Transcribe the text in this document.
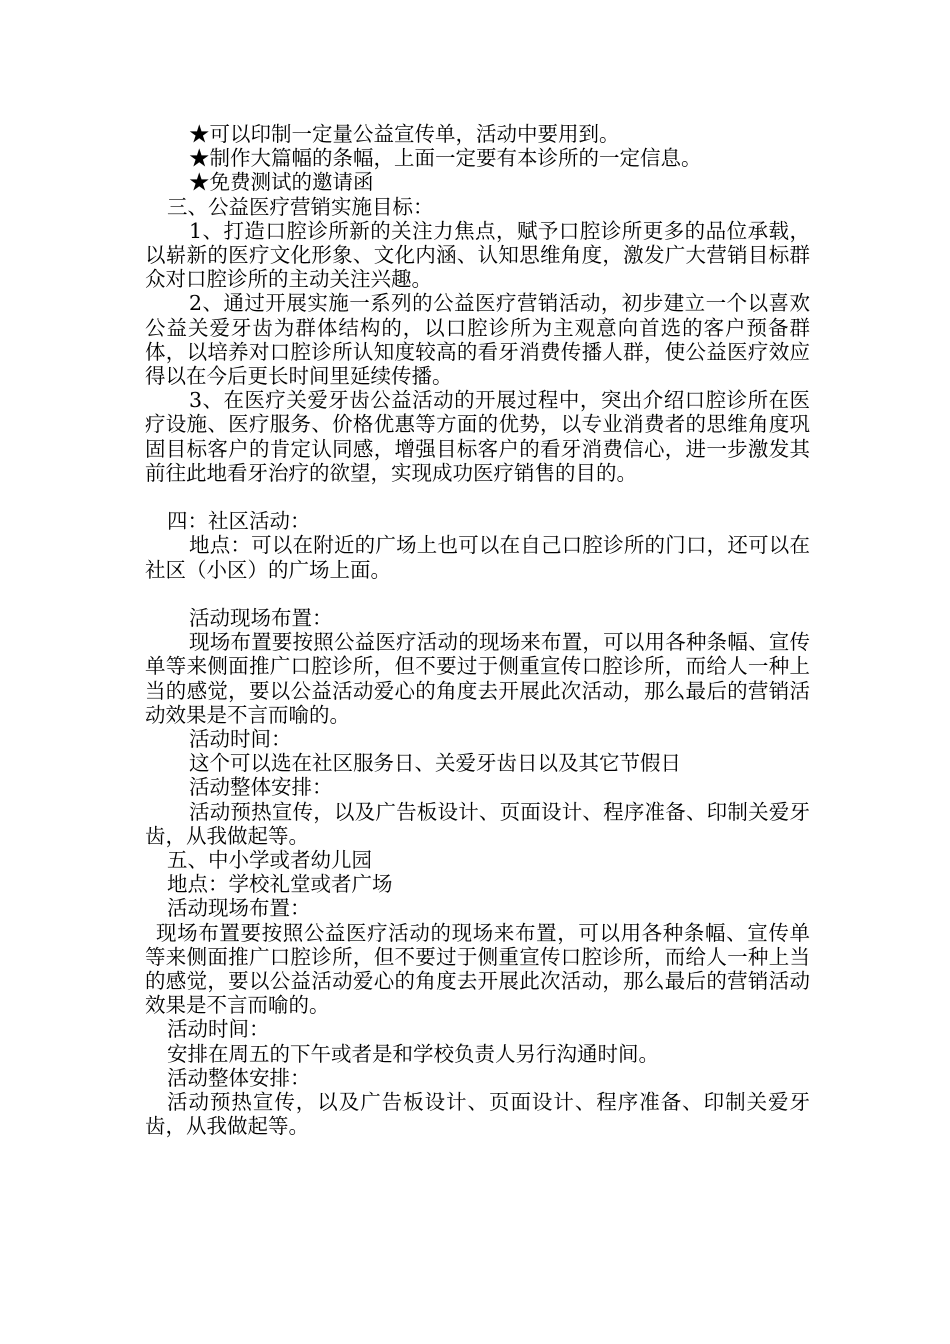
★可以印制一定量公益宣传单，活动中要用到。

★制作大篇幅的条幅，上面一定要有本诊所的一定信息。

★免费测试的邀请函

三、公益医疗营销实施目标：

1、打造口腔诊所新的关注力焦点，赋予口腔诊所更多的品位承载，以崭新的医疗文化形象、文化内涵、认知思维角度，激发广大营销目标群众对口腔诊所的主动关注兴趣。

2、通过开展实施一系列的公益医疗营销活动，初步建立一个以喜欢公益关爱牙齿为群体结构的，以口腔诊所为主观意向首选的客户预备群体，以培养对口腔诊所认知度较高的看牙消费传播人群，使公益医疗效应得以在今后更长时间里延续传播。

3、在医疗关爱牙齿公益活动的开展过程中，突出介绍口腔诊所在医疗设施、医疗服务、价格优惠等方面的优势，以专业消费者的思维角度巩固目标客户的肯定认同感，增强目标客户的看牙消费信心，进一步激发其前往此地看牙治疗的欲望，实现成功医疗销售的目的。

四：社区活动：

地点：可以在附近的广场上也可以在自己口腔诊所的门口，还可以在社区（小区）的广场上面。

活动现场布置：

现场布置要按照公益医疗活动的现场来布置，可以用各种条幅、宣传单等来侧面推广口腔诊所，但不要过于侧重宣传口腔诊所，而给人一种上当的感觉，要以公益活动爱心的角度去开展此次活动，那么最后的营销活动效果是不言而喻的。

活动时间：

这个可以选在社区服务日、关爱牙齿日以及其它节假日

活动整体安排：

活动预热宣传，以及广告板设计、页面设计、程序准备、印制关爱牙齿，从我做起等。

五、中小学或者幼儿园

地点：学校礼堂或者广场

活动现场布置：

现场布置要按照公益医疗活动的现场来布置，可以用各种条幅、宣传单等来侧面推广口腔诊所，但不要过于侧重宣传口腔诊所，而给人一种上当的感觉，要以公益活动爱心的角度去开展此次活动，那么最后的营销活动效果是不言而喻的。

活动时间：

安排在周五的下午或者是和学校负责人另行沟通时间。

活动整体安排：

活动预热宣传，以及广告板设计、页面设计、程序准备、印制关爱牙齿，从我做起等。
